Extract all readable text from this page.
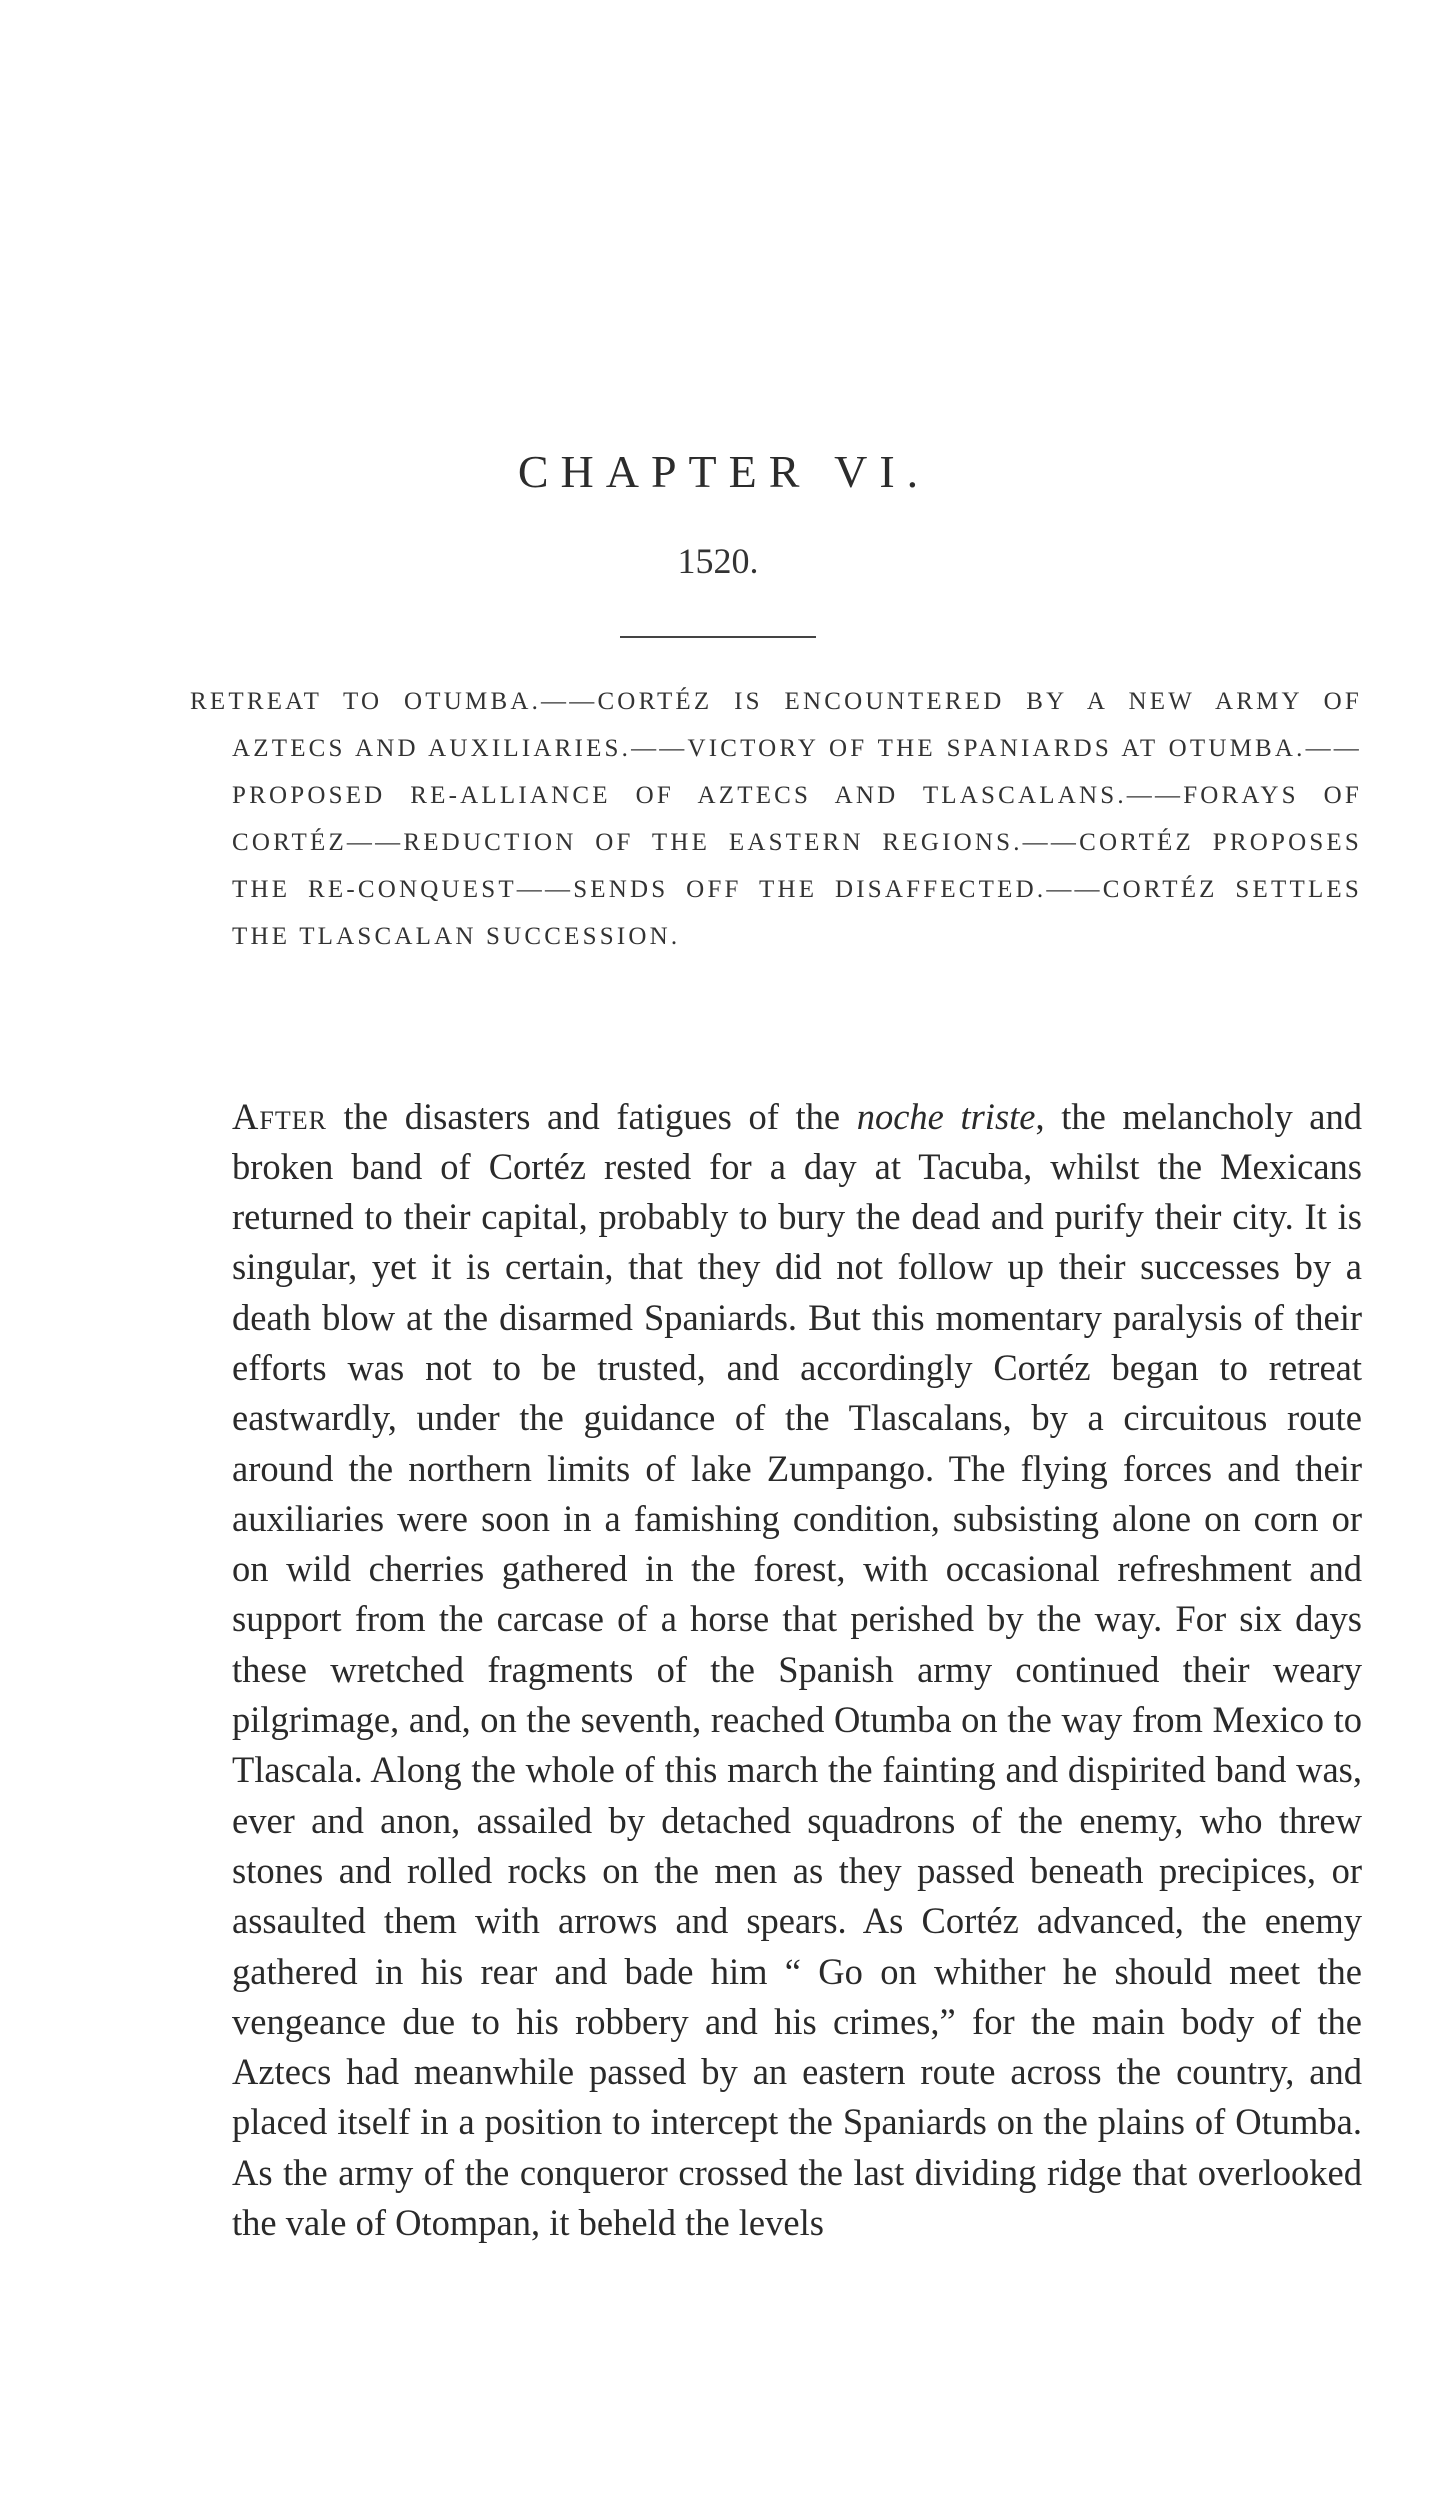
CHAPTER VI.
1520.
RETREAT TO OTUMBA.——CORTÉZ IS ENCOUNTERED BY A NEW ARMY OF AZTECS AND AUXILIARIES.——VICTORY OF THE SPANIARDS AT OTUMBA.——PROPOSED RE-ALLIANCE OF AZTECS AND TLASCALANS.——FORAYS OF CORTÉZ——REDUCTION OF THE EASTERN REGIONS.——CORTÉZ PROPOSES THE RE-CONQUEST——SENDS OFF THE DISAFFECTED.——CORTÉZ SETTLES THE TLASCALAN SUCCESSION.

After the disasters and fatigues of the noche triste, the melancholy and broken band of Cortéz rested for a day at Tacuba, whilst the Mexicans returned to their capital, probably to bury the dead and purify their city. It is singular, yet it is certain, that they did not follow up their successes by a death blow at the disarmed Spaniards. But this momentary paralysis of their efforts was not to be trusted, and accordingly Cortéz began to retreat eastwardly, under the guidance of the Tlascalans, by a circuitous route around the northern limits of lake Zumpango. The flying forces and their auxiliaries were soon in a famishing condition, subsisting alone on corn or on wild cherries gathered in the forest, with occasional refreshment and support from the carcase of a horse that perished by the way. For six days these wretched fragments of the Spanish army continued their weary pilgrimage, and, on the seventh, reached Otumba on the way from Mexico to Tlascala. Along the whole of this march the fainting and dispirited band was, ever and anon, assailed by detached squadrons of the enemy, who threw stones and rolled rocks on the men as they passed beneath precipices, or assaulted them with arrows and spears. As Cortéz advanced, the enemy gathered in his rear and bade him “ Go on whither he should meet the vengeance due to his robbery and his crimes,” for the main body of the Aztecs had meanwhile passed by an eastern route across the country, and placed itself in a position to intercept the Spaniards on the plains of Otumba. As the army of the conqueror crossed the last dividing ridge that overlooked the vale of Otompan, it beheld the levels
